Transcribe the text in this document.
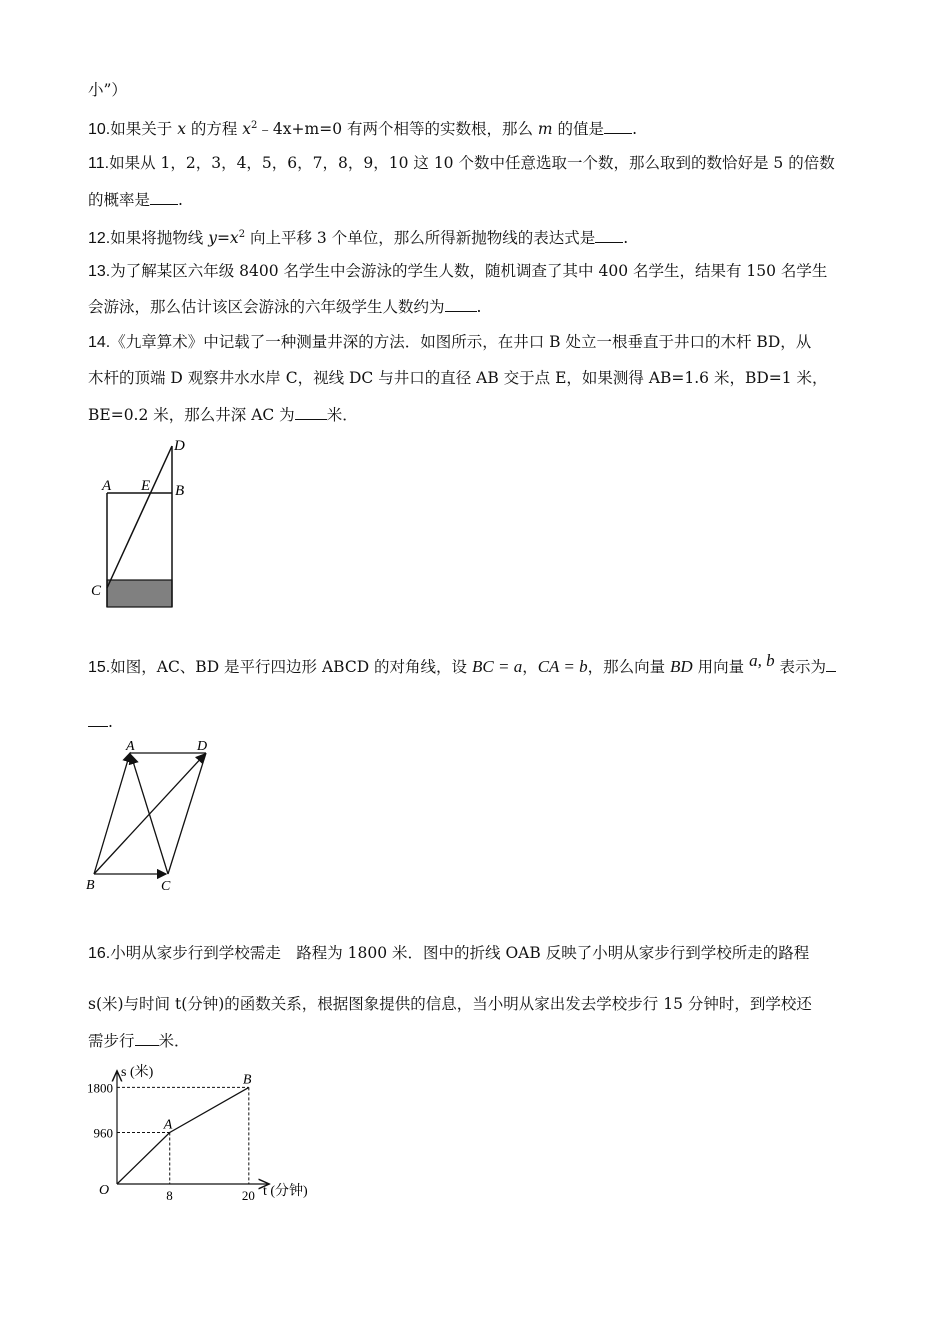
小”）
10.如果关于 x 的方程 $x^2﹣4x+m=0$ 有两个相等的实数根，那么 m 的值是 .
11.如果从 1，2，3，4，5，6，7，8，9，10 这 10 个数中任意选取一个数，那么取到的数恰好是 5 的倍数
的概率是 .
12.如果将抛物线 $y=x^2$ 向上平移 3 个单位，那么所得新抛物线的表达式是 .
13.为了解某区六年级 8400 名学生中会游泳的学生人数，随机调查了其中 400 名学生，结果有 150 名学生
会游泳，那么估计该区会游泳的六年级学生人数约为 .
14.《九章算术》中记载了一种测量井深的方法．如图所示，在井口 B 处立一根垂直于井口的木杆 BD，从
木杆的顶端 D 观察井水水岸 C，视线 DC 与井口的直径 AB 交于点 E，如果测得 AB=1.6 米，BD=1 米，
BE=0.2 米，那么井深 AC 为 米．
D
A E B
C
15.如图，AC、BD 是平行四边形 ABCD 的对角线，设 BC = a，CA = b，那么向量 BD 用向量 a, b 表示为
.
A	D
B	C
16.小明从家步行到学校需走　路程为 1800 米．图中的折线 OAB 反映了小明从家步行到学校所走的路程
s(米)与时间 t(分钟)的函数关系，根据图象提供的信息，当小明从家出发去学校步行 15 分钟时，到学校还
需步行 米．
s (米)
t (分钟)
O
A
B
8	20
960
1800
